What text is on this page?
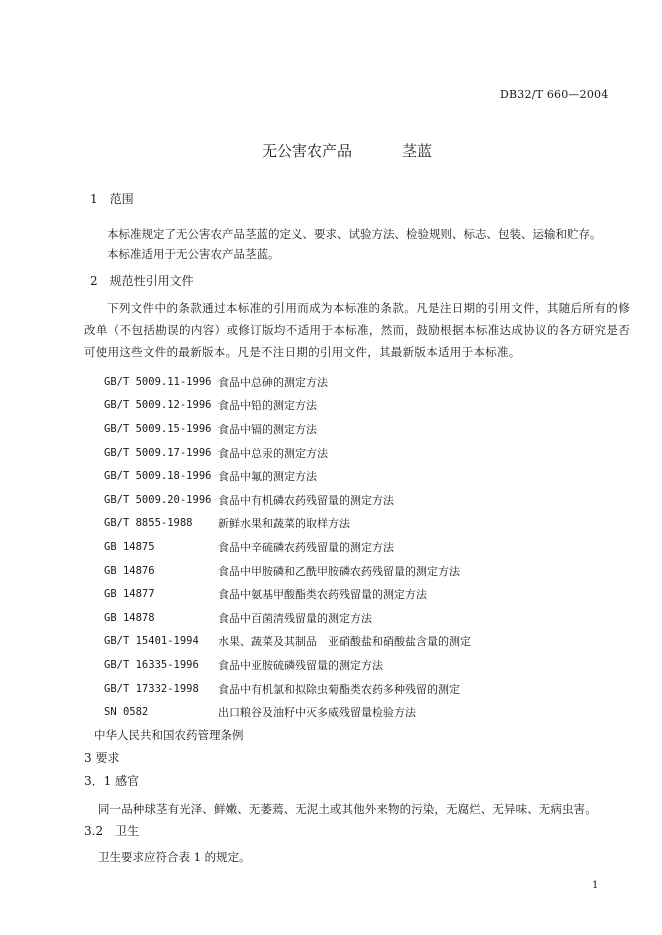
DB32/T 660—2004
无公害农产品	茎蓝
1　范围
本标准规定了无公害农产品茎蓝的定义、要求、试验方法、检验规则、标志、包装、运输和贮存。
本标准适用于无公害农产品茎蓝。
2　规范性引用文件
下列文件中的条款通过本标准的引用而成为本标准的条款。凡是注日期的引用文件，其随后所有的修改单（不包括勘误的内容）或修订版均不适用于本标准，然而，鼓励根据本标准达成协议的各方研究是否可使用这些文件的最新版本。凡是不注日期的引用文件，其最新版本适用于本标准。
GB/T 5009.11-1996 食品中总砷的测定方法
GB/T 5009.12-1996 食品中铅的测定方法
GB/T 5009.15-1996 食品中镉的测定方法
GB/T 5009.17-1996 食品中总汞的测定方法
GB/T 5009.18-1996 食品中氟的测定方法
GB/T 5009.20-1996 食品中有机磷农药残留量的测定方法
GB/T 8855-1988	新鲜水果和蔬菜的取样方法
GB 14875	食品中辛硫磷农药残留量的测定方法
GB 14876	食品中甲胺磷和乙酰甲胺磷农药残留量的测定方法
GB 14877	食品中氨基甲酸酯类农药残留量的测定方法
GB 14878	食品中百菌清残留量的测定方法
GB/T 15401-1994	水果、蔬菜及其制品　亚硝酸盐和硝酸盐含量的测定
GB/T 16335-1996	食品中亚胺硫磷残留量的测定方法
GB/T 17332-1998	食品中有机氯和拟除虫菊酯类农药多种残留的测定
SN 0582	出口粮谷及油籽中灭多威残留量检验方法
中华人民共和国农药管理条例
3 要求
3．1 感官
同一品种球茎有光泽、鲜嫩、无萎蔫、无泥土或其他外来物的污染，无腐烂、无异味、无病虫害。
3.2　卫生
卫生要求应符合表 1 的规定。
1
